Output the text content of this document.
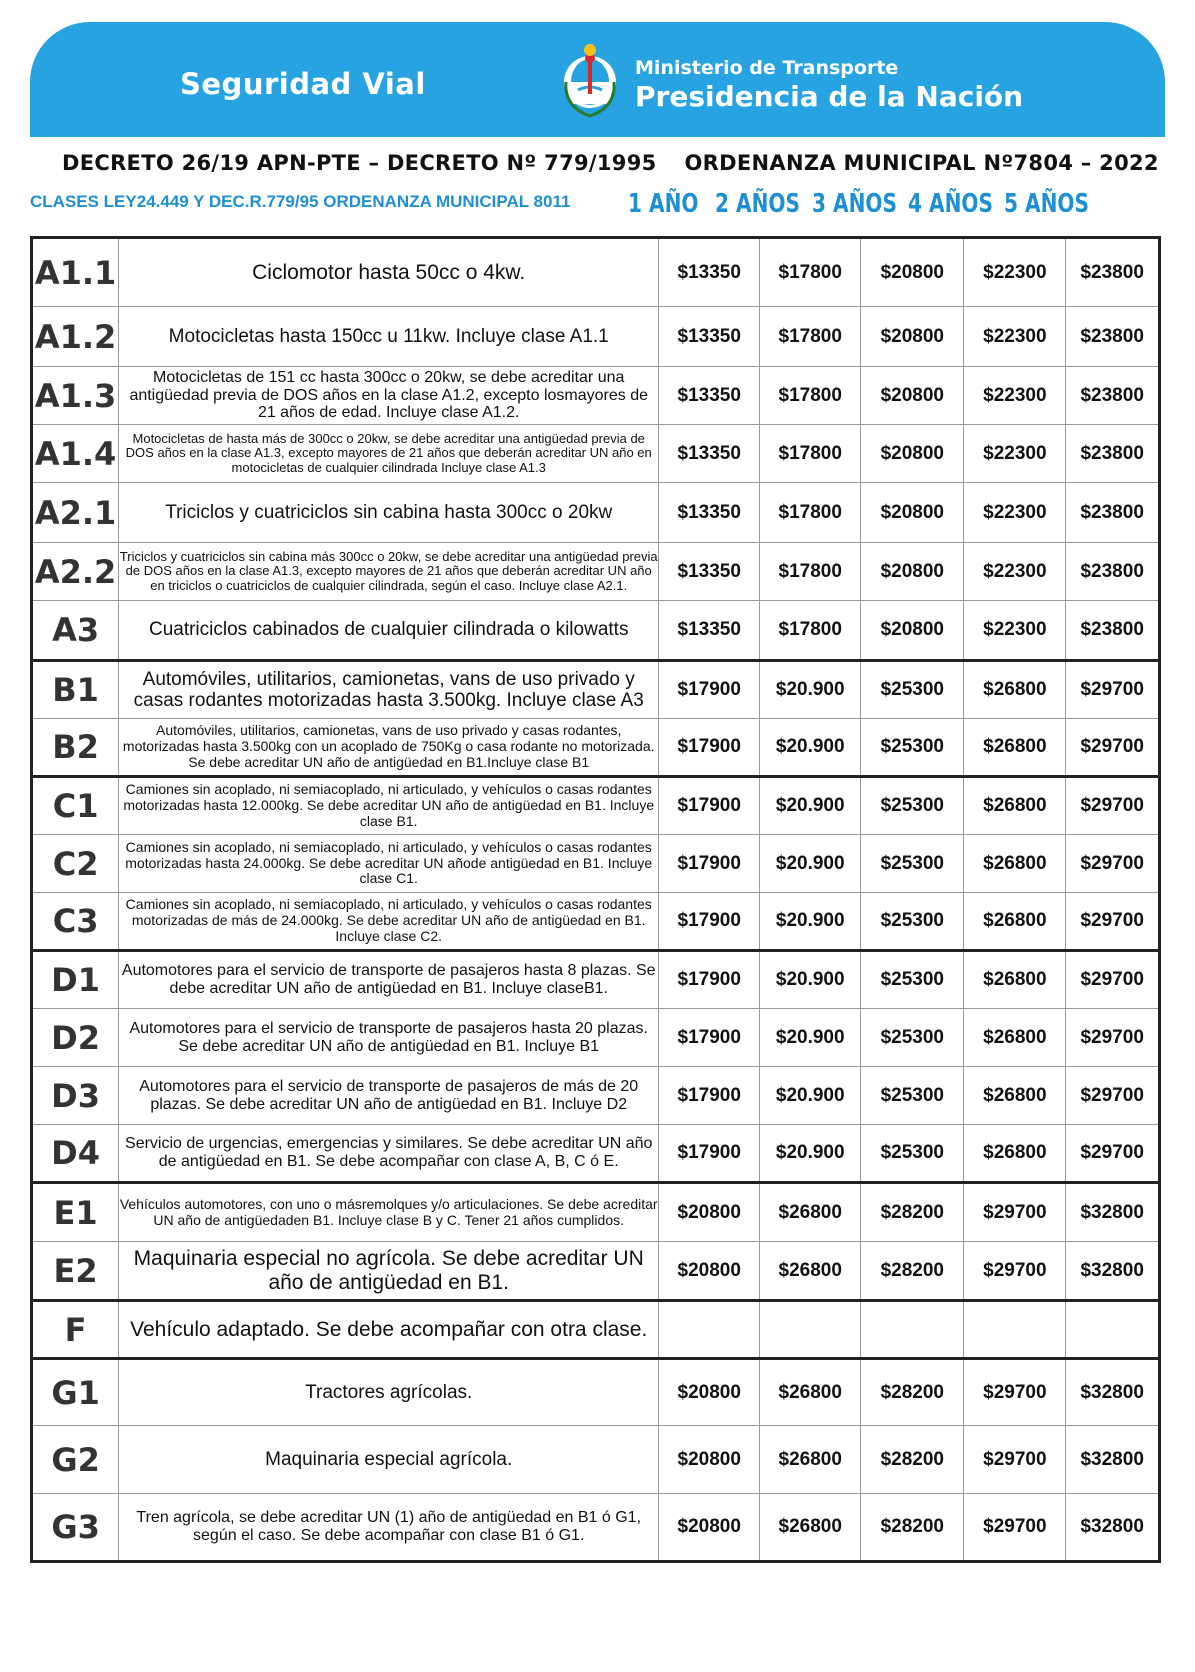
Seguridad Vial	Ministerio de Transporte
Presidencia de la Nación
DECRETO 26/19 APN-PTE – DECRETO Nº 779/1995 ORDENANZA MUNICIPAL Nº7804 – 2022
CLASES LEY24.449 Y DEC.R.779/95 ORDENANZA MUNICIPAL 8011 1 AÑO 2 AÑOS 3 AÑOS 4 AÑOS 5 AÑOS
A1.1	Ciclomotor hasta 50cc o 4kw.	$13350	$17800	$20800	$22300	$23800
A1.2	Motocicletas hasta 150cc u 11kw. Incluye clase A1.1	$13350	$17800	$20800	$22300	$23800
A1.3	Motocicletas de 151 cc hasta 300cc o 20kw, se debe acreditar una antigüedad previa de DOS años en la clase A1.2, excepto losmayores de 21 años de edad. Incluye clase A1.2.	$13350	$17800	$20800	$22300	$23800
A1.4	Motocicletas de hasta más de 300cc o 20kw, se debe acreditar una antigüedad previa de DOS años en la clase A1.3, excepto mayores de 21 años que deberán acreditar UN año en motocicletas de cualquier cilindrada Incluye clase A1.3	$13350	$17800	$20800	$22300	$23800
A2.1	Triciclos y cuatriciclos sin cabina hasta 300cc o 20kw	$13350	$17800	$20800	$22300	$23800
A2.2	Triciclos y cuatriciclos sin cabina más 300cc o 20kw, se debe acreditar una antigüedad previa de DOS años en la clase A1.3, excepto mayores de 21 años que deberán acreditar UN año en triciclos o cuatriciclos de cualquier cilindrada, según el caso. Incluye clase A2.1.	$13350	$17800	$20800	$22300	$23800
A3	Cuatriciclos cabinados de cualquier cilindrada o kilowatts	$13350	$17800	$20800	$22300	$23800
B1	Automóviles, utilitarios, camionetas, vans de uso privado y casas rodantes motorizadas hasta 3.500kg. Incluye clase A3	$17900	$20.900	$25300	$26800	$29700
B2	Automóviles, utilitarios, camionetas, vans de uso privado y casas rodantes, motorizadas hasta 3.500kg con un acoplado de 750Kg o casa rodante no motorizada. Se debe acreditar UN año de antigüedad en B1.Incluye clase B1	$17900	$20.900	$25300	$26800	$29700
C1	Camiones sin acoplado, ni semiacoplado, ni articulado, y vehículos o casas rodantes motorizadas hasta 12.000kg. Se debe acreditar UN año de antigüedad en B1. Incluye clase B1.	$17900	$20.900	$25300	$26800	$29700
C2	Camiones sin acoplado, ni semiacoplado, ni articulado, y vehículos o casas rodantes motorizadas hasta 24.000kg. Se debe acreditar UN añode antigüedad en B1. Incluye clase C1.	$17900	$20.900	$25300	$26800	$29700
C3	Camiones sin acoplado, ni semiacoplado, ni articulado, y vehículos o casas rodantes motorizadas de más de 24.000kg. Se debe acreditar UN año de antigüedad en B1. Incluye clase C2.	$17900	$20.900	$25300	$26800	$29700
D1	Automotores para el servicio de transporte de pasajeros hasta 8 plazas. Se debe acreditar UN año de antigüedad en B1. Incluye claseB1.	$17900	$20.900	$25300	$26800	$29700
D2	Automotores para el servicio de transporte de pasajeros hasta 20 plazas. Se debe acreditar UN año de antigüedad en B1. Incluye B1	$17900	$20.900	$25300	$26800	$29700
D3	Automotores para el servicio de transporte de pasajeros de más de 20 plazas. Se debe acreditar UN año de antigüedad en B1. Incluye D2	$17900	$20.900	$25300	$26800	$29700
D4	Servicio de urgencias, emergencias y similares. Se debe acreditar UN año de antigüedad en B1. Se debe acompañar con clase A, B, C ó E.	$17900	$20.900	$25300	$26800	$29700
E1	Vehículos automotores, con uno o másremolques y/o articulaciones. Se debe acreditar UN año de antigüedaden B1. Incluye clase B y C. Tener 21 años cumplidos.	$20800	$26800	$28200	$29700	$32800
E2	Maquinaria especial no agrícola. Se debe acreditar UN año de antigüedad en B1.	$20800	$26800	$28200	$29700	$32800
F	Vehículo adaptado. Se debe acompañar con otra clase.					
G1	Tractores agrícolas.	$20800	$26800	$28200	$29700	$32800
G2	Maquinaria especial agrícola.	$20800	$26800	$28200	$29700	$32800
G3	Tren agrícola, se debe acreditar UN (1) año de antigüedad en B1 ó G1, según el caso. Se debe acompañar con clase B1 ó G1.	$20800	$26800	$28200	$29700	$32800
